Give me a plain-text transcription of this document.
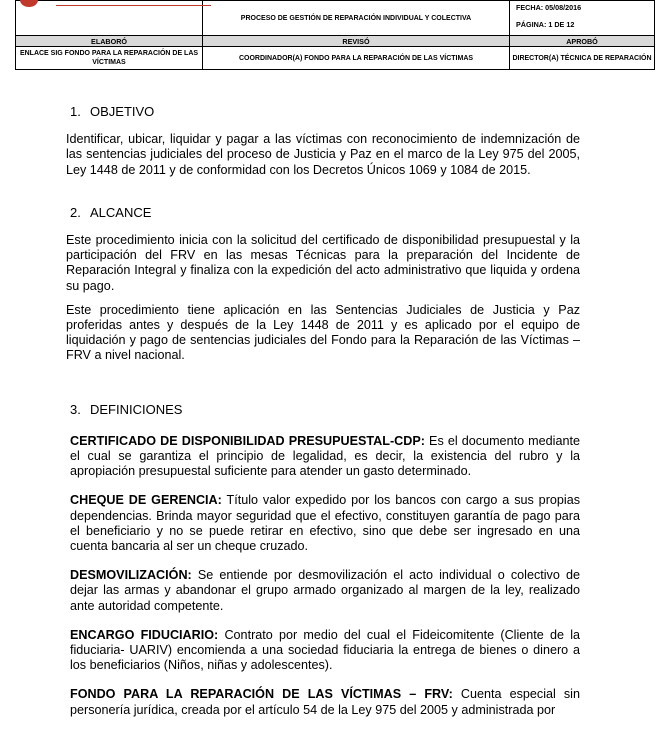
	PROCESO DE GESTIÓN DE REPARACIÓN INDIVIDUAL Y COLECTIVA	FECHA: 05/08/2016
PÁGINA: 1 DE 12

ELABORÓ	REVISÓ	APROBÓ
ENLACE SIG FONDO PARA LA REPARACIÓN DE LAS VÍCTIMAS	COORDINADOR(A) FONDO PARA LA REPARACIÓN DE LAS VÍCTIMAS	DIRECTOR(A) TÉCNICA DE REPARACIÓN
1. OBJETIVO

Identificar, ubicar, liquidar y pagar a las víctimas con reconocimiento de indemnización de las sentencias judiciales del proceso de Justicia y Paz en el marco de la Ley 975 del 2005, Ley 1448 de 2011 y de conformidad con los Decretos Únicos 1069 y 1084 de 2015.

2. ALCANCE

Este procedimiento inicia con la solicitud del certificado de disponibilidad presupuestal y la participación del FRV en las mesas Técnicas para la preparación del Incidente de Reparación Integral y finaliza con la expedición del acto administrativo que liquida y ordena su pago.

Este procedimiento tiene aplicación en las Sentencias Judiciales de Justicia y Paz proferidas antes y después de la Ley 1448 de 2011 y es aplicado por el equipo de liquidación y pago de sentencias judiciales del Fondo para la Reparación de las Víctimas – FRV a nivel nacional.

3. DEFINICIONES

CERTIFICADO DE DISPONIBILIDAD PRESUPUESTAL-CDP: Es el documento mediante el cual se garantiza el principio de legalidad, es decir, la existencia del rubro y la apropiación presupuestal suficiente para atender un gasto determinado.

CHEQUE DE GERENCIA: Título valor expedido por los bancos con cargo a sus propias dependencias. Brinda mayor seguridad que el efectivo, constituyen garantía de pago para el beneficiario y no se puede retirar en efectivo, sino que debe ser ingresado en una cuenta bancaria al ser un cheque cruzado.

DESMOVILIZACIÓN: Se entiende por desmovilización el acto individual o colectivo de dejar las armas y abandonar el grupo armado organizado al margen de la ley, realizado ante autoridad competente.

ENCARGO FIDUCIARIO: Contrato por medio del cual el Fideicomitente (Cliente de la fiduciaria- UARIV) encomienda a una sociedad fiduciaria la entrega de bienes o dinero a los beneficiarios (Niños, niñas y adolescentes).

FONDO PARA LA REPARACIÓN DE LAS VÍCTIMAS – FRV: Cuenta especial sin personería jurídica, creada por el artículo 54 de la Ley 975 del 2005 y administrada por
